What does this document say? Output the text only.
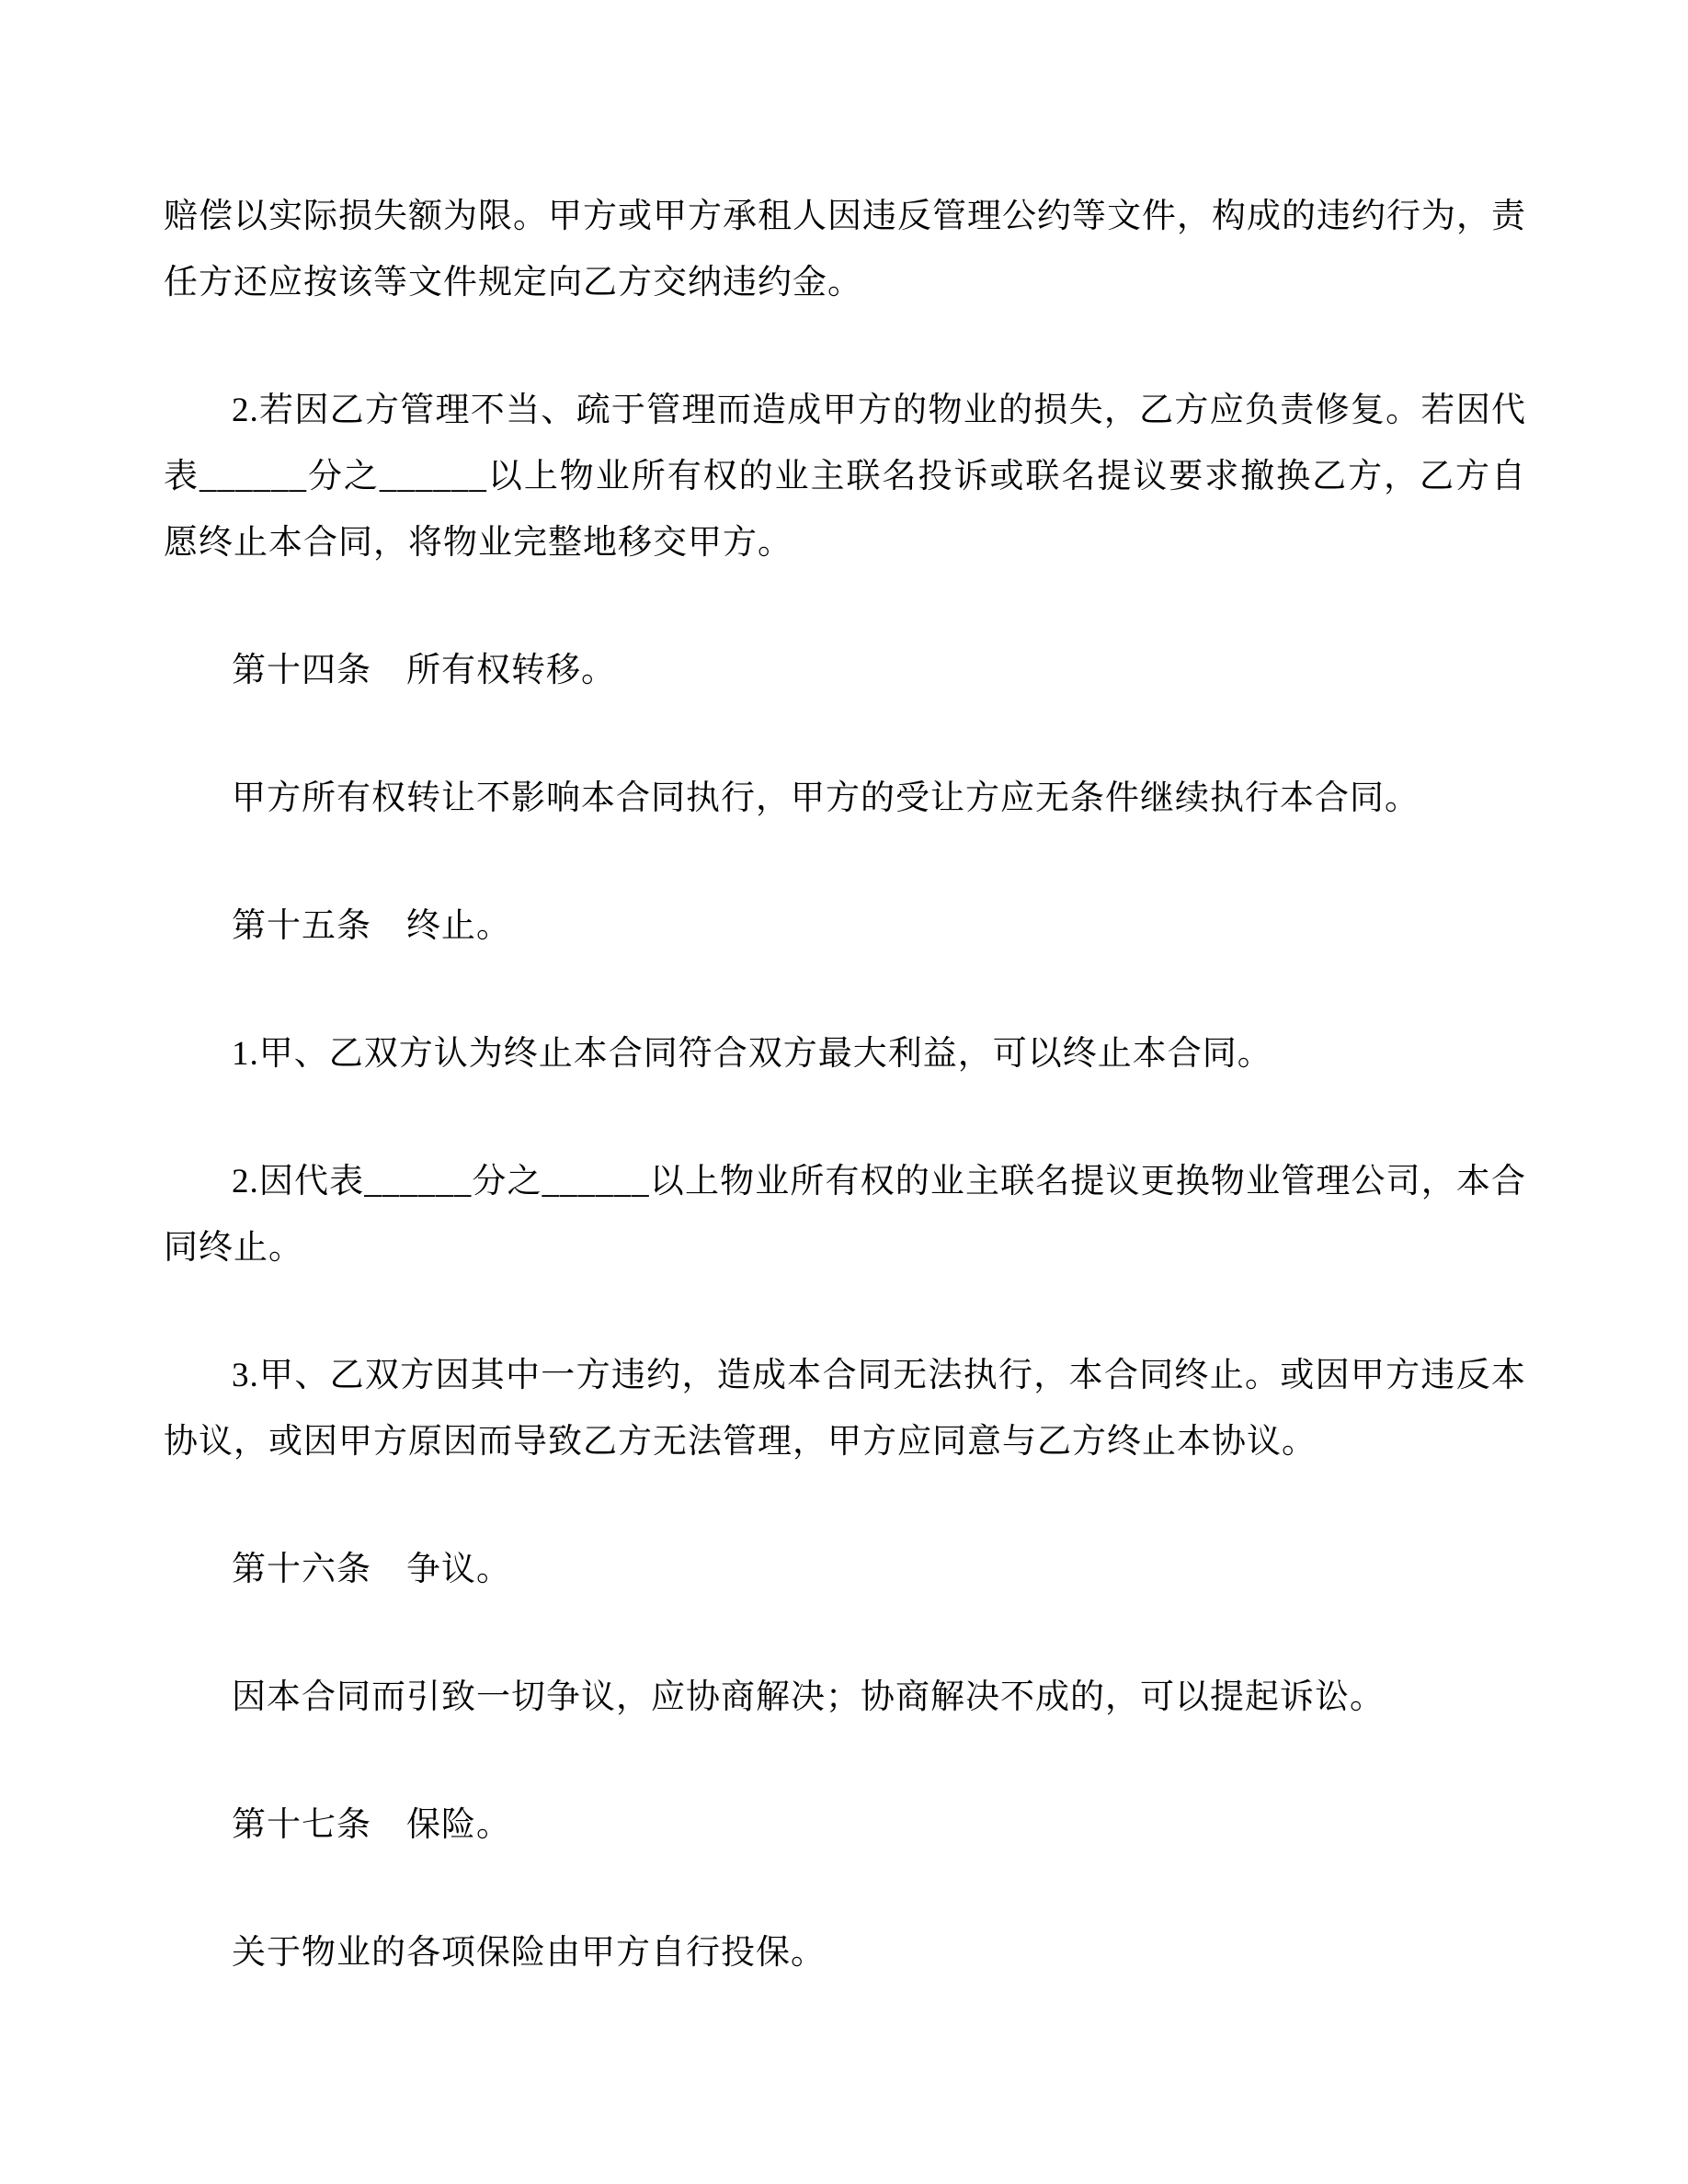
赔偿以实际损失额为限。甲方或甲方承租人因违反管理公约等文件，构成的违约行为，责任方还应按该等文件规定向乙方交纳违约金。

2.若因乙方管理不当、疏于管理而造成甲方的物业的损失，乙方应负责修复。若因代表______分之______以上物业所有权的业主联名投诉或联名提议要求撤换乙方，乙方自愿终止本合同，将物业完整地移交甲方。

第十四条　所有权转移。

甲方所有权转让不影响本合同执行，甲方的受让方应无条件继续执行本合同。

第十五条　终止。

1.甲、乙双方认为终止本合同符合双方最大利益，可以终止本合同。

2.因代表______分之______以上物业所有权的业主联名提议更换物业管理公司，本合同终止。

3.甲、乙双方因其中一方违约，造成本合同无法执行，本合同终止。或因甲方违反本协议，或因甲方原因而导致乙方无法管理，甲方应同意与乙方终止本协议。

第十六条　争议。

因本合同而引致一切争议，应协商解决；协商解决不成的，可以提起诉讼。

第十七条　保险。

关于物业的各项保险由甲方自行投保。
